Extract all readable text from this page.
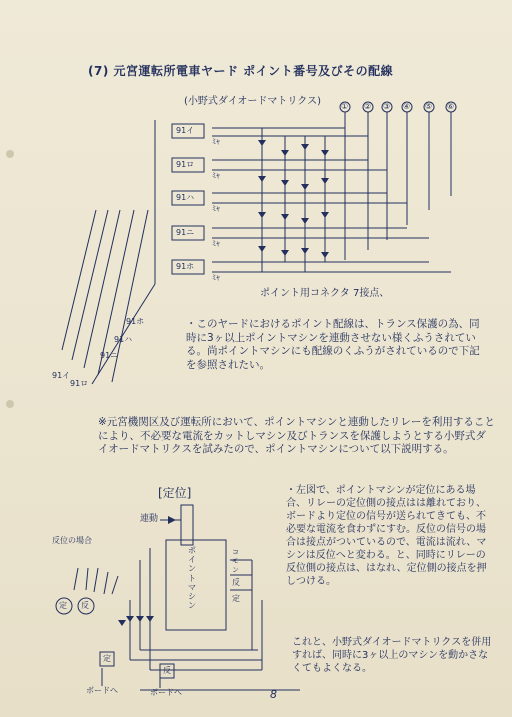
(7) 元宮運転所電車ヤード ポイント番号及びその配線
(小野式ダイオードマトリクス) ① ② ③ ④ ⑤ ⑥
91イ
91ロ
91ハ
91ニ
91ホ
ﾐｬ
ﾐｬ
ﾐｬ
ﾐｬ
ﾐｬ
91ホ
91ハ
91ニ
91イ
91ロ
ポイント用コネクタ 7接点、
・このヤードにおけるポイント配線は、トランス保護の為、同時に3ヶ以上ポイントマシンを連動させない様くふうされている。尚ポイントマシンにも配線のくふうがされているので下記を参照されたい。
※元宮機関区及び運転所において、ポイントマシンと連動したリレーを利用することにより、不必要な電流をカットしマシン及びトランスを保護しようとする小野式ダイオードマトリクスを試みたので、ポイントマシンについて以下説明する。
[定位]
連動
ポイントマシン
反位の場合
コモン
反
定
定 反
定
反
ボードへ	ボードへ
・左図で、ポイントマシンが定位にある場合、リレーの定位側の接点はは離れており、ボードより定位の信号が送られてきても、不必要な電流を食わずにすむ。反位の信号の場合は接点がついているので、電流は流れ、マシンは反位へと変わる。と、同時にリレーの反位側の接点は、はなれ、定位側の接点を押しつける。
これと、小野式ダイオードマトリクスを併用すれば、同時に3ヶ以上のマシンを動かさなくてもよくなる。
8
